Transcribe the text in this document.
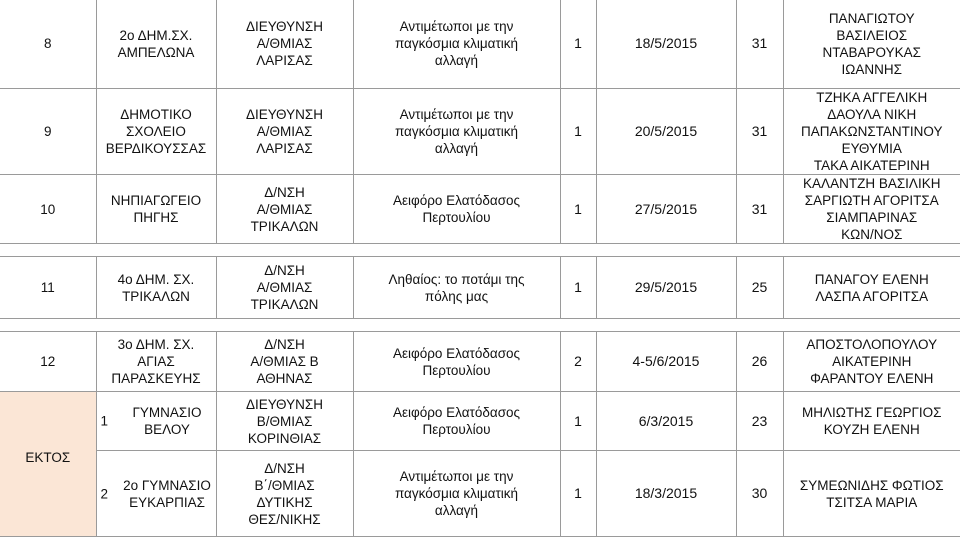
8	2ο ΔΗΜ.ΣΧ.
ΑΜΠΕΛΩΝΑ	ΔΙΕΥΘΥΝΣΗ
Α/ΘΜΙΑΣ
ΛΑΡΙΣΑΣ	Αντιμέτωποι με την
παγκόσμια κλιματική
αλλαγή	1	18/5/2015	31	ΠΑΝΑΓΙΩΤΟΥ
ΒΑΣΙΛΕΙΟΣ
ΝΤΑΒΑΡΟΥΚΑΣ
ΙΩΑΝΝΗΣ

9	ΔΗΜΟΤΙΚΟ
ΣΧΟΛΕΙΟ
ΒΕΡΔΙΚΟΥΣΣΑΣ	ΔΙΕΥΘΥΝΣΗ
Α/ΘΜΙΑΣ
ΛΑΡΙΣΑΣ	Αντιμέτωποι με την
παγκόσμια κλιματική
αλλαγή	1	20/5/2015	31	ΤΖΗΚΑ ΑΓΓΕΛΙΚΗ
ΔΑΟΥΛΑ ΝΙΚΗ
ΠΑΠΑΚΩΝΣΤΑΝΤΙΝΟΥ
ΕΥΘΥΜΙΑ
ΤΑΚΑ ΑΙΚΑΤΕΡΙΝΗ

10	ΝΗΠΙΑΓΩΓΕΙΟ
ΠΗΓΗΣ	Δ/ΝΣΗ
Α/ΘΜΙΑΣ
ΤΡΙΚΑΛΩΝ	Αειφόρο Ελατόδασος
Περτουλίου	1	27/5/2015	31	ΚΑΛΑΝΤΖΗ ΒΑΣΙΛΙΚΗ
ΣΑΡΓΙΩΤΗ ΑΓΟΡΙΤΣΑ
ΣΙΑΜΠΑΡΙΝΑΣ
ΚΩΝ/ΝΟΣ

11	4ο ΔΗΜ. ΣΧ.
ΤΡΙΚΑΛΩΝ	Δ/ΝΣΗ
Α/ΘΜΙΑΣ
ΤΡΙΚΑΛΩΝ	Ληθαίος: το ποτάμι της
πόλης μας	1	29/5/2015	25	ΠΑΝΑΓΟΥ ΕΛΕΝΗ
ΛΑΣΠΑ ΑΓΟΡΙΤΣΑ

12	3ο ΔΗΜ. ΣΧ.
ΑΓΙΑΣ
ΠΑΡΑΣΚΕΥΗΣ	Δ/ΝΣΗ
Α/ΘΜΙΑΣ Β
ΑΘΗΝΑΣ	Αειφόρο Ελατόδασος
Περτουλίου	2	4-5/6/2015	26	ΑΠΟΣΤΟΛΟΠΟΥΛΟΥ
ΑΙΚΑΤΕΡΙΝΗ
ΦΑΡΑΝΤΟΥ ΕΛΕΝΗ

ΕΚΤΟΣ	1
ΓΥΜΝΑΣΙΟ
ΒΕΛΟΥ	ΔΙΕΥΘΥΝΣΗ
Β/ΘΜΙΑΣ
ΚΟΡΙΝΘΙΑΣ	Αειφόρο Ελατόδασος
Περτουλίου	1	6/3/2015	23	ΜΗΛΙΩΤΗΣ ΓΕΩΡΓΙΟΣ
ΚΟΥΖΗ ΕΛΕΝΗ

	2
2ο ΓΥΜΝΑΣΙΟ
ΕΥΚΑΡΠΙΑΣ	Δ/ΝΣΗ
Β΄/ΘΜΙΑΣ
ΔΥΤΙΚΗΣ
ΘΕΣ/ΝΙΚΗΣ	Αντιμέτωποι με την
παγκόσμια κλιματική
αλλαγή	1	18/3/2015	30	ΣΥΜΕΩΝΙΔΗΣ ΦΩΤΙΟΣ
ΤΣΙΤΣΑ ΜΑΡΙΑ
